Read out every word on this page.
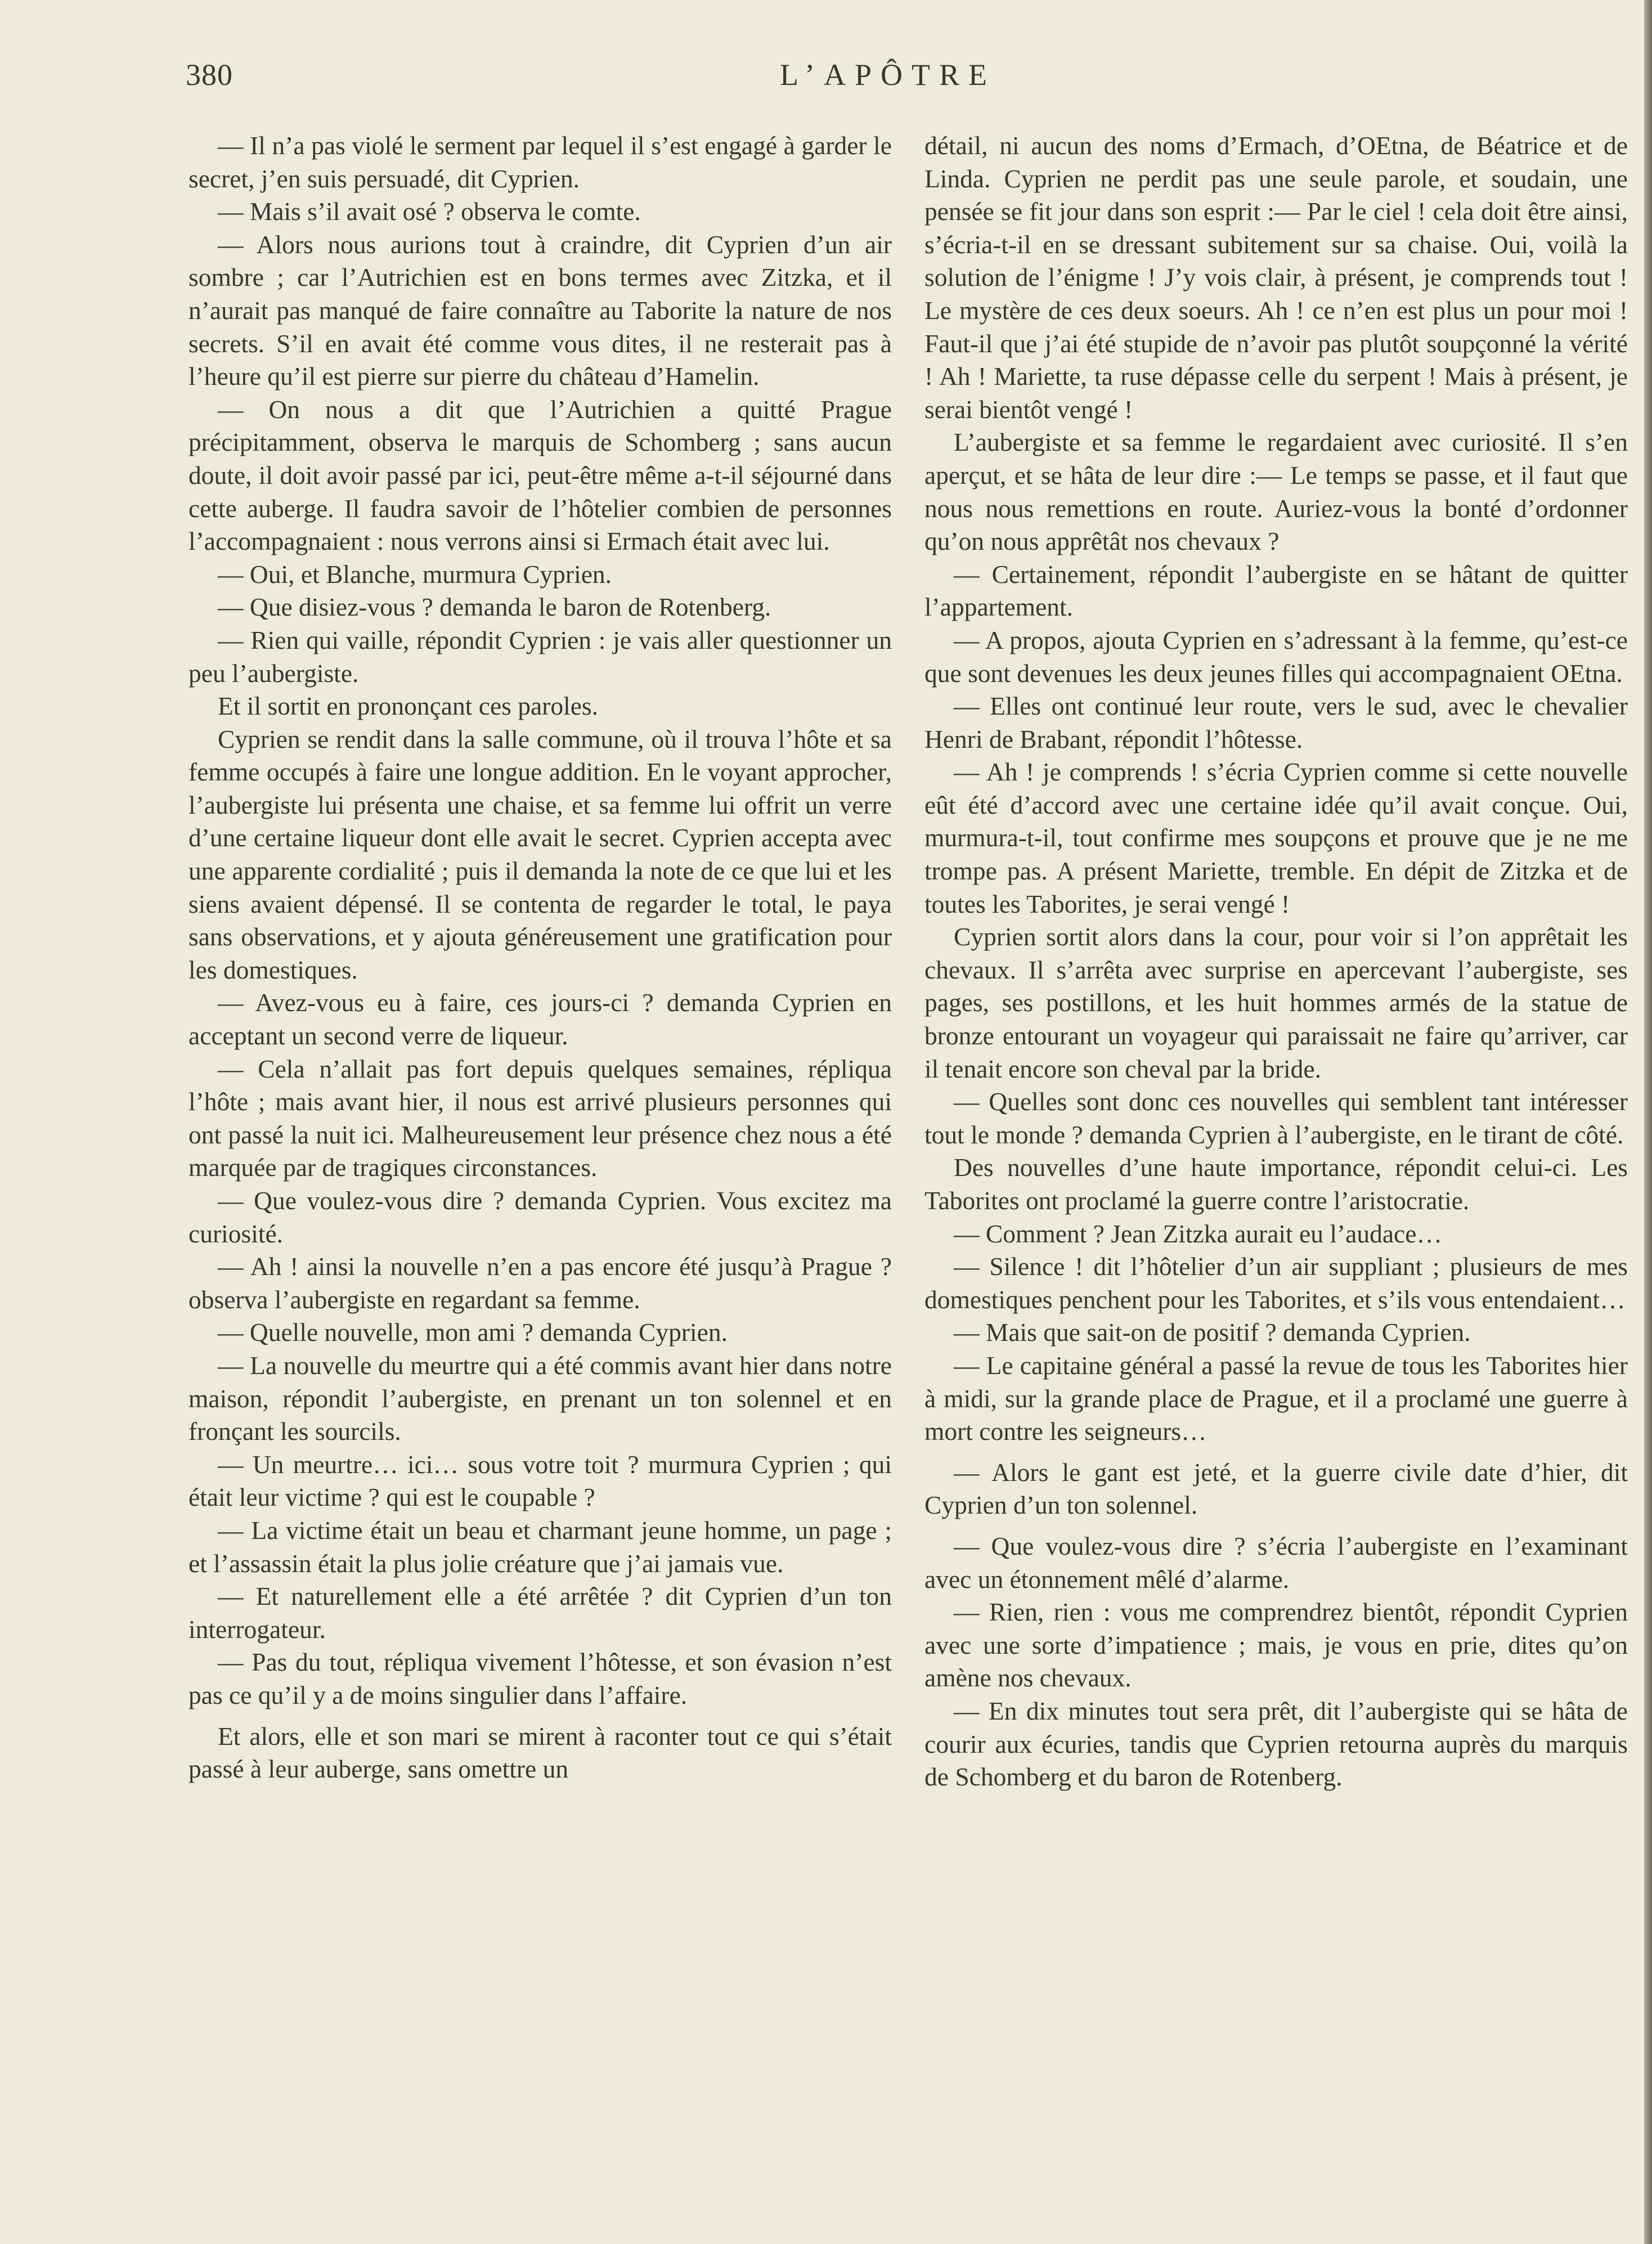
380	L’APÔTRE

— Il n’a pas violé le serment par lequel il s’est engagé à garder le secret, j’en suis persuadé, dit Cyprien.

— Mais s’il avait osé ? observa le comte.

— Alors nous aurions tout à craindre, dit Cyprien d’un air sombre ; car l’Autrichien est en bons termes avec Zitzka, et il n’aurait pas manqué de faire connaître au Taborite la nature de nos secrets. S’il en avait été comme vous dites, il ne resterait pas à l’heure qu’il est pierre sur pierre du château d’Hamelin.

— On nous a dit que l’Autrichien a quitté Prague précipitamment, observa le marquis de Schomberg ; sans aucun doute, il doit avoir passé par ici, peut-être même a-t-il séjourné dans cette auberge. Il faudra savoir de l’hôtelier combien de personnes l’accompagnaient : nous verrons ainsi si Ermach était avec lui.

— Oui, et Blanche, murmura Cyprien.

— Que disiez-vous ? demanda le baron de Rotenberg.

— Rien qui vaille, répondit Cyprien : je vais aller questionner un peu l’aubergiste.

Et il sortit en prononçant ces paroles.

Cyprien se rendit dans la salle commune, où il trouva l’hôte et sa femme occupés à faire une longue addition. En le voyant approcher, l’aubergiste lui présenta une chaise, et sa femme lui offrit un verre d’une certaine liqueur dont elle avait le secret. Cyprien accepta avec une apparente cordialité ; puis il demanda la note de ce que lui et les siens avaient dépensé. Il se contenta de regarder le total, le paya sans observations, et y ajouta généreusement une gratification pour les domestiques.

— Avez-vous eu à faire, ces jours-ci ? demanda Cyprien en acceptant un second verre de liqueur.

— Cela n’allait pas fort depuis quelques semaines, répliqua l’hôte ; mais avant hier, il nous est arrivé plusieurs personnes qui ont passé la nuit ici. Malheureusement leur présence chez nous a été marquée par de tragiques circonstances.

— Que voulez-vous dire ? demanda Cyprien. Vous excitez ma curiosité.

— Ah ! ainsi la nouvelle n’en a pas encore été jusqu’à Prague ? observa l’aubergiste en regardant sa femme.

— Quelle nouvelle, mon ami ? demanda Cyprien.

— La nouvelle du meurtre qui a été commis avant hier dans notre maison, répondit l’aubergiste, en prenant un ton solennel et en fronçant les sourcils.

— Un meurtre… ici… sous votre toit ? murmura Cyprien ; qui était leur victime ? qui est le coupable ?

— La victime était un beau et charmant jeune homme, un page ; et l’assassin était la plus jolie créature que j’ai jamais vue.

— Et naturellement elle a été arrêtée ? dit Cyprien d’un ton interrogateur.

— Pas du tout, répliqua vivement l’hôtesse, et son évasion n’est pas ce qu’il y a de moins singulier dans l’affaire.

Et alors, elle et son mari se mirent à raconter tout ce qui s’était passé à leur auberge, sans omettre un

détail, ni aucun des noms d’Ermach, d’OEtna, de Béatrice et de Linda. Cyprien ne perdit pas une seule parole, et soudain, une pensée se fit jour dans son esprit :— Par le ciel ! cela doit être ainsi, s’écria-t-il en se dressant subitement sur sa chaise. Oui, voilà la solution de l’énigme ! J’y vois clair, à présent, je comprends tout ! Le mystère de ces deux soeurs. Ah ! ce n’en est plus un pour moi ! Faut-il que j’ai été stupide de n’avoir pas plutôt soupçonné la vérité ! Ah ! Mariette, ta ruse dépasse celle du serpent ! Mais à présent, je serai bientôt vengé !

L’aubergiste et sa femme le regardaient avec curiosité. Il s’en aperçut, et se hâta de leur dire :— Le temps se passe, et il faut que nous nous remettions en route. Auriez-vous la bonté d’ordonner qu’on nous apprêtât nos chevaux ?

— Certainement, répondit l’aubergiste en se hâtant de quitter l’appartement.

— A propos, ajouta Cyprien en s’adressant à la femme, qu’est-ce que sont devenues les deux jeunes filles qui accompagnaient OEtna.

— Elles ont continué leur route, vers le sud, avec le chevalier Henri de Brabant, répondit l’hôtesse.

— Ah ! je comprends ! s’écria Cyprien comme si cette nouvelle eût été d’accord avec une certaine idée qu’il avait conçue. Oui, murmura-t-il, tout confirme mes soupçons et prouve que je ne me trompe pas. A présent Mariette, tremble. En dépit de Zitzka et de toutes les Taborites, je serai vengé !

Cyprien sortit alors dans la cour, pour voir si l’on apprêtait les chevaux. Il s’arrêta avec surprise en apercevant l’aubergiste, ses pages, ses postillons, et les huit hommes armés de la statue de bronze entourant un voyageur qui paraissait ne faire qu’arriver, car il tenait encore son cheval par la bride.

— Quelles sont donc ces nouvelles qui semblent tant intéresser tout le monde ? demanda Cyprien à l’aubergiste, en le tirant de côté.

Des nouvelles d’une haute importance, répondit celui-ci. Les Taborites ont proclamé la guerre contre l’aristocratie.

— Comment ? Jean Zitzka aurait eu l’audace…

— Silence ! dit l’hôtelier d’un air suppliant ; plusieurs de mes domestiques penchent pour les Taborites, et s’ils vous entendaient…

— Mais que sait-on de positif ? demanda Cyprien.

— Le capitaine général a passé la revue de tous les Taborites hier à midi, sur la grande place de Prague, et il a proclamé une guerre à mort contre les seigneurs…

— Alors le gant est jeté, et la guerre civile date d’hier, dit Cyprien d’un ton solennel.

— Que voulez-vous dire ? s’écria l’aubergiste en l’examinant avec un étonnement mêlé d’alarme.

— Rien, rien : vous me comprendrez bientôt, répondit Cyprien avec une sorte d’impatience ; mais, je vous en prie, dites qu’on amène nos chevaux.

— En dix minutes tout sera prêt, dit l’aubergiste qui se hâta de courir aux écuries, tandis que Cyprien retourna auprès du marquis de Schomberg et du baron de Rotenberg.
